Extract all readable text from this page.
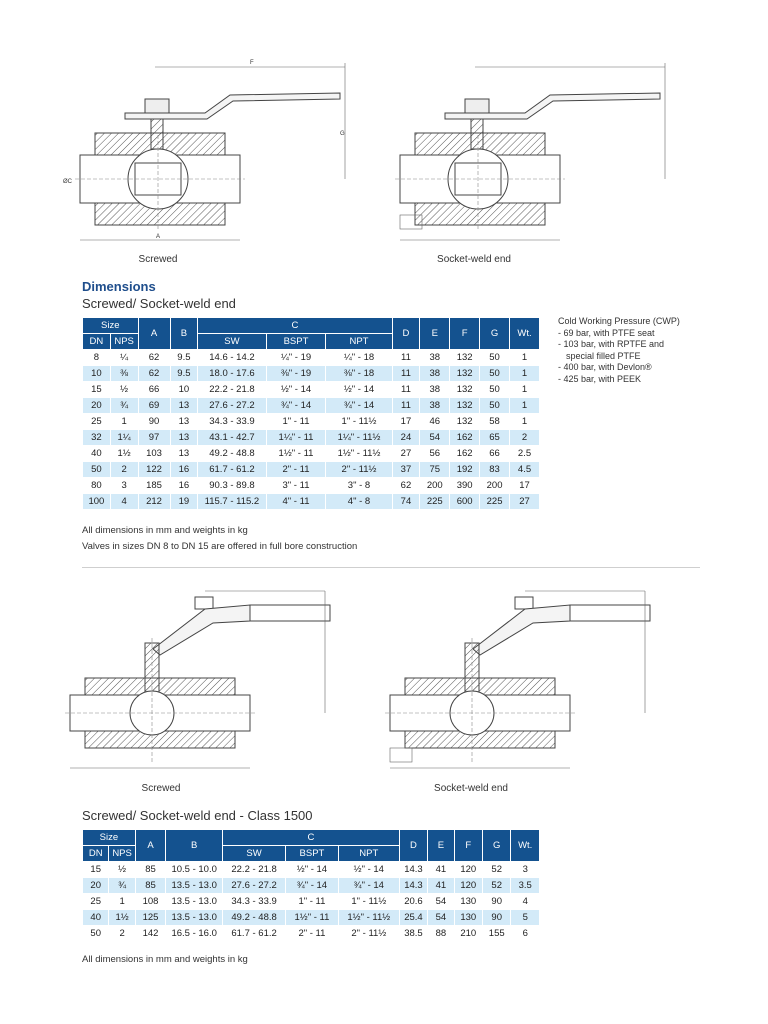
A
F
G
ØC
Screwed	Socket-weld end
Dimensions
Screwed/ Socket-weld end
Size		A	B	C			D	E	F	G	Wt.
DN	NPS			SW	BSPT	NPT					
8	¼	62	9.5	14.6 - 14.2	¼" - 19	¼" - 18	11	38	132	50	1
10	⅜	62	9.5	18.0 - 17.6	⅜" - 19	⅜" - 18	11	38	132	50	1
15	½	66	10	22.2 - 21.8	½" - 14	½" - 14	11	38	132	50	1
20	¾	69	13	27.6 - 27.2	¾" - 14	¾" - 14	11	38	132	50	1
25	1	90	13	34.3 - 33.9	1" - 11	1" - 11½	17	46	132	58	1
32	1¼	97	13	43.1 - 42.7	1¼" - 11	1¼" - 11½	24	54	162	65	2
40	1½	103	13	49.2 - 48.8	1½" - 11	1½" - 11½	27	56	162	66	2.5
50	2	122	16	61.7 - 61.2	2" - 11	2" - 11½	37	75	192	83	4.5
80	3	185	16	90.3 - 89.8	3" - 11	3" - 8	62	200	390	200	17
100	4	212	19	115.7 - 115.2	4" - 11	4" - 8	74	225	600	225	27
Cold Working Pressure (CWP)
- 69 bar, with PTFE seat
- 103 bar, with RPTFE and
special filled PTFE
- 400 bar, with Devlon®
- 425 bar, with PEEK
All dimensions in mm and weights in kg
Valves in sizes DN 8 to DN 15 are offered in full bore construction
Screwed	Socket-weld end
Screwed/ Socket-weld end - Class 1500
Size		A	B	C			D	E	F	G	Wt.
DN	NPS			SW	BSPT	NPT					
15	½	85	10.5 - 10.0	22.2 - 21.8	½" - 14	½" - 14	14.3	41	120	52	3
20	¾	85	13.5 - 13.0	27.6 - 27.2	¾" - 14	¾" - 14	14.3	41	120	52	3.5
25	1	108	13.5 - 13.0	34.3 - 33.9	1" - 11	1" - 11½	20.6	54	130	90	4
40	1½	125	13.5 - 13.0	49.2 - 48.8	1½" - 11	1½" - 11½	25.4	54	130	90	5
50	2	142	16.5 - 16.0	61.7 - 61.2	2" - 11	2" - 11½	38.5	88	210	155	6
All dimensions in mm and weights in kg
